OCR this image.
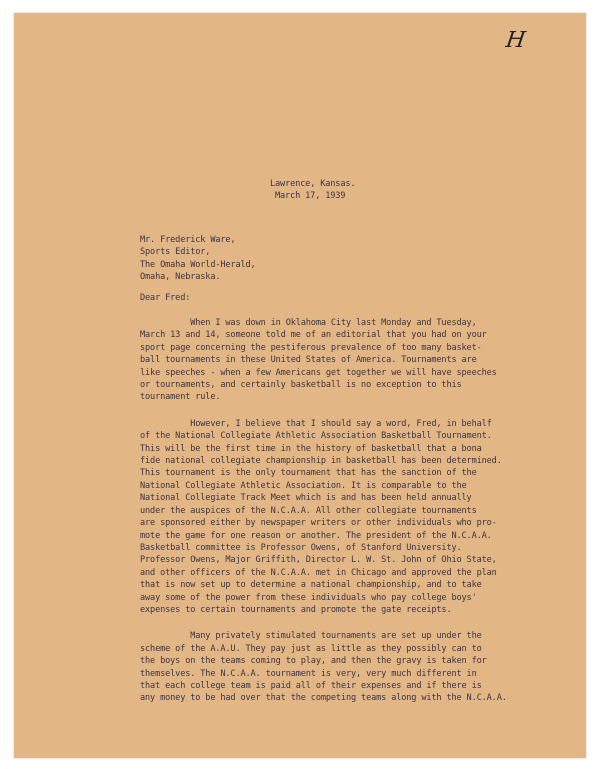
H
Lawrence, Kansas.
March 17, 1939
Mr. Frederick Ware,
Sports Editor,
The Omaha World-Herald,
Omaha, Nebraska.
Dear Fred:
When I was down in Oklahoma City last Monday and Tuesday,
March 13 and 14, someone told me of an editorial that you had on your
sport page concerning the pestiferous prevalence of too many basket-
ball tournaments in these United States of America. Tournaments are
like speeches - when a few Americans get together we will have speeches
or tournaments, and certainly basketball is no exception to this
tournament rule.
However, I believe that I should say a word, Fred, in behalf
of the National Collegiate Athletic Association Basketball Tournament.
This will be the first time in the history of basketball that a bona
fide national collegiate championship in basketball has been determined.
This tournament is the only tournament that has the sanction of the
National Collegiate Athletic Association. It is comparable to the
National Collegiate Track Meet which is and has been held annually
under the auspices of the N.C.A.A. All other collegiate tournaments
are sponsored either by newspaper writers or other individuals who pro-
mote the game for one reason or another. The president of the N.C.A.A.
Basketball committee is Professor Owens, of Stanford University.
Professor Owens, Major Griffith, Director L. W. St. John of Ohio State,
and other officers of the N.C.A.A. met in Chicago and approved the plan
that is now set up to determine a national championship, and to take
away some of the power from these individuals who pay college boys'
expenses to certain tournaments and promote the gate receipts.
Many privately stimulated tournaments are set up under the
scheme of the A.A.U. They pay just as little as they possibly can to
the boys on the teams coming to play, and then the gravy is taken for
themselves. The N.C.A.A. tournament is very, very much different in
that each college team is paid all of their expenses and if there is
any money to be had over that the competing teams along with the N.C.A.A.
